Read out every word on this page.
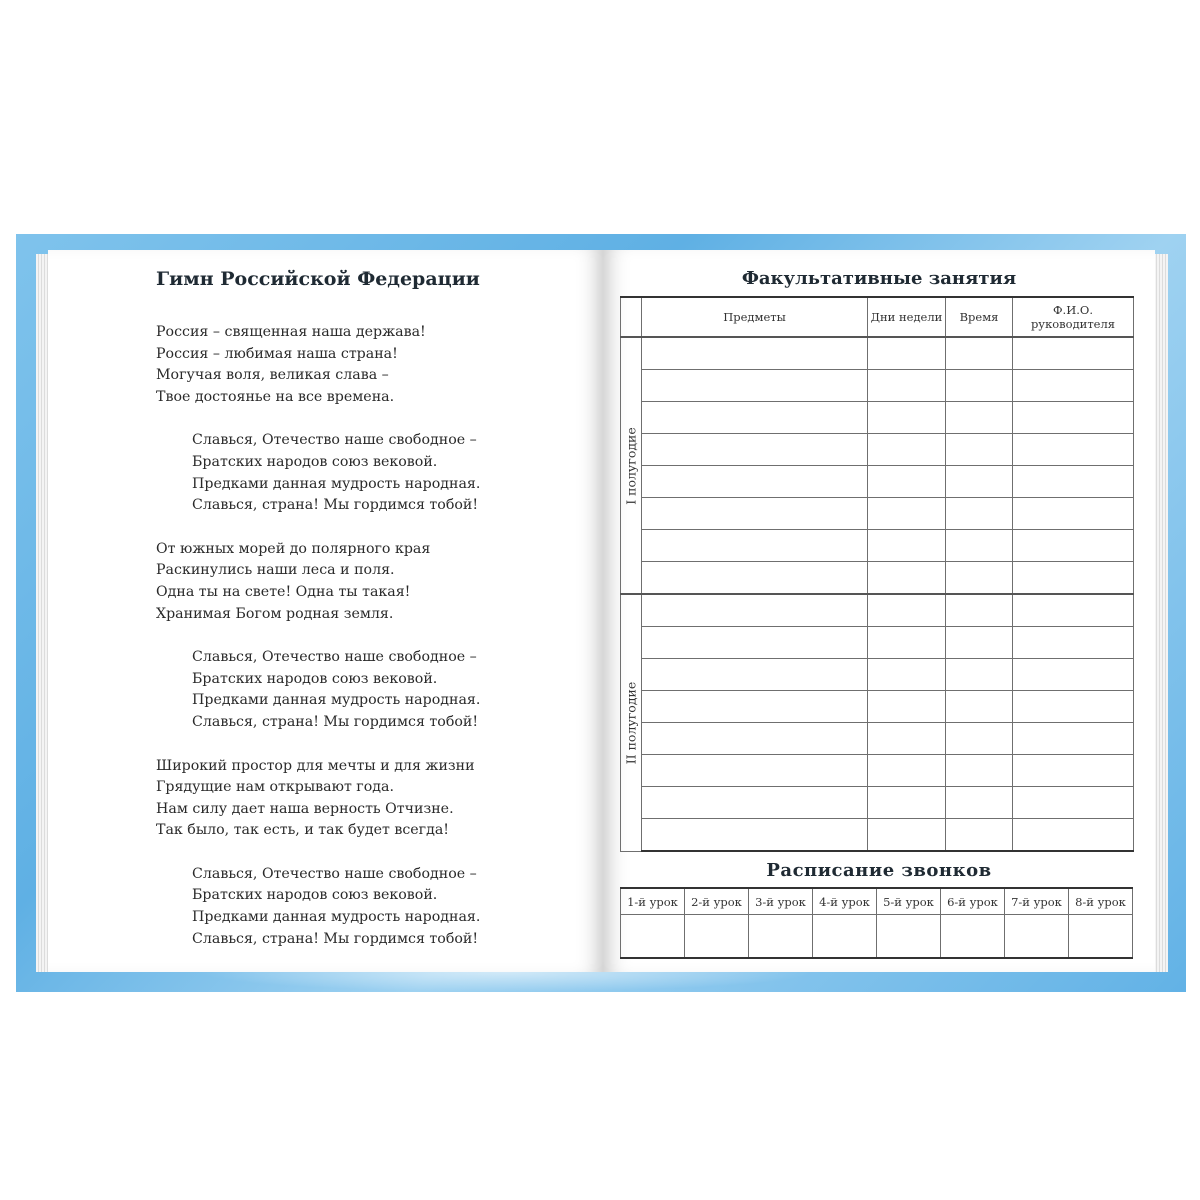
Гимн Российской Федерации
Россия – священная наша держава!
Россия – любимая наша страна!
Могучая воля, великая слава –
Твое достоянье на все времена.
Славься, Отечество наше свободное –
Братских народов союз вековой.
Предками данная мудрость народная.
Славься, страна! Мы гордимся тобой!
От южных морей до полярного края
Раскинулись наши леса и поля.
Одна ты на свете! Одна ты такая!
Хранимая Богом родная земля.
Славься, Отечество наше свободное –
Братских народов союз вековой.
Предками данная мудрость народная.
Славься, страна! Мы гордимся тобой!
Широкий простор для мечты и для жизни
Грядущие нам открывают года.
Нам силу дает наша верность Отчизне.
Так было, так есть, и так будет всегда!
Славься, Отечество наше свободное –
Братских народов союз вековой.
Предками данная мудрость народная.
Славься, страна! Мы гордимся тобой!
Факультативные занятия
	Предметы	Дни недели	Время	Ф.И.О.
руководителя

I полугодие				

II полугодие				

Расписание звонков
1-й урок	2-й урок	3-й урок	4-й урок	5-й урок	6-й урок	7-й урок	8-й урок
